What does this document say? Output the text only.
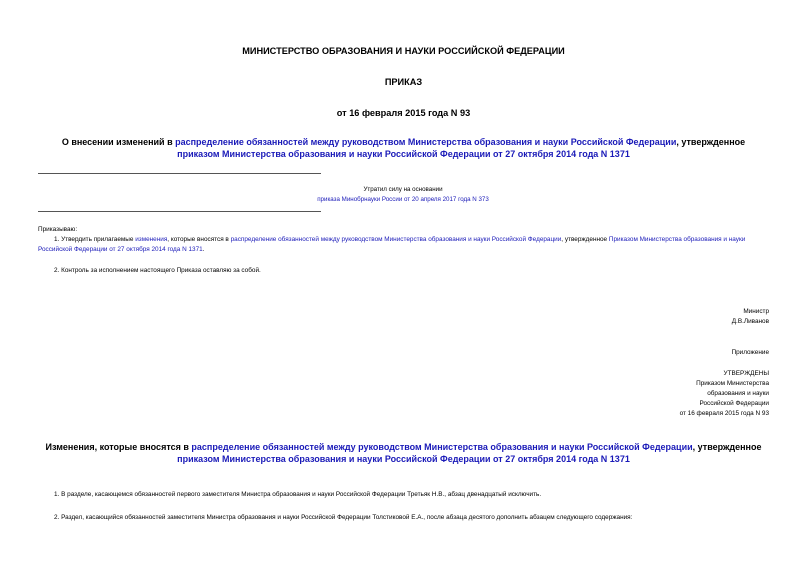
МИНИСТЕРСТВО ОБРАЗОВАНИЯ И НАУКИ РОССИЙСКОЙ ФЕДЕРАЦИИ
ПРИКАЗ
от 16 февраля 2015 года N 93
О внесении изменений в распределение обязанностей между руководством Министерства образования и науки Российской Федерации, утвержденное приказом Министерства образования и науки Российской Федерации от 27 октября 2014 года N 1371
Утратил силу на основании
приказа Минобрнауки России от 20 апреля 2017 года N 373
Приказываю:
1. Утвердить прилагаемые изменения, которые вносятся в распределение обязанностей между руководством Министерства образования и науки Российской Федерации, утвержденное Приказом Министерства образования и науки Российской Федерации от 27 октября 2014 года N 1371.
2. Контроль за исполнением настоящего Приказа оставляю за собой.
Министр
Д.В.Ливанов
Приложение
УТВЕРЖДЕНЫ
Приказом Министерства
образования и науки
Российской Федерации
от 16 февраля 2015 года N 93
Изменения, которые вносятся в распределение обязанностей между руководством Министерства образования и науки Российской Федерации, утвержденное приказом Министерства образования и науки Российской Федерации от 27 октября 2014 года N 1371
1. В разделе, касающемся обязанностей первого заместителя Министра образования и науки Российской Федерации Третьяк Н.В., абзац двенадцатый исключить.
2. Раздел, касающийся обязанностей заместителя Министра образования и науки Российской Федерации Толстиковой Е.А., после абзаца десятого дополнить абзацем следующего содержания:
